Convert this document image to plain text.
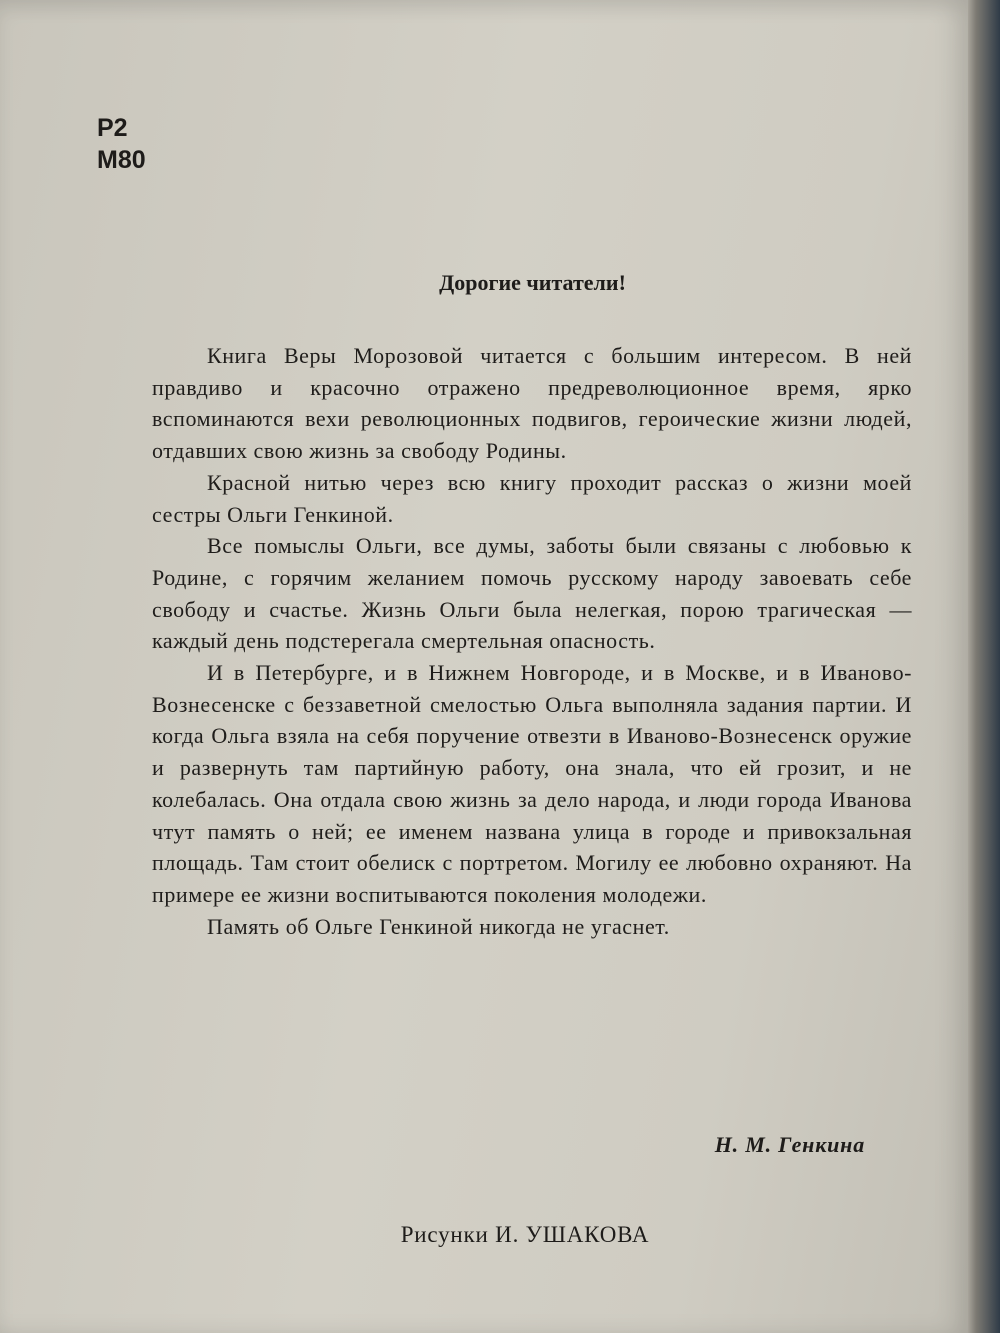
P2
M80
Дорогие читатели!

Книга Веры Морозовой читается с большим интересом. В ней правдиво и красочно отражено предреволюционное время, ярко вспоминаются вехи революционных подвигов, героические жизни людей, отдавших свою жизнь за свободу Родины.

Красной нитью через всю книгу проходит рассказ о жизни моей сестры Ольги Генкиной.

Все помыслы Ольги, все думы, заботы были связаны с любовью к Родине, с горячим желанием помочь русскому народу завоевать себе свободу и счастье. Жизнь Ольги была нелегкая, порою трагическая — каждый день подстерегала смертельная опасность.

И в Петербурге, и в Нижнем Новгороде, и в Москве, и в Иваново-Вознесенске с беззаветной смелостью Ольга выполняла задания партии. И когда Ольга взяла на себя поручение отвезти в Иваново-Вознесенск оружие и развернуть там партийную работу, она знала, что ей грозит, и не колебалась. Она отдала свою жизнь за дело народа, и люди города Иванова чтут память о ней; ее именем названа улица в городе и привокзальная площадь. Там стоит обелиск с портретом. Могилу ее любовно охраняют. На примере ее жизни воспитываются поколения молодежи.

Память об Ольге Генкиной никогда не угаснет.

Н. М. Генкина
Рисунки И. УШАКОВА
